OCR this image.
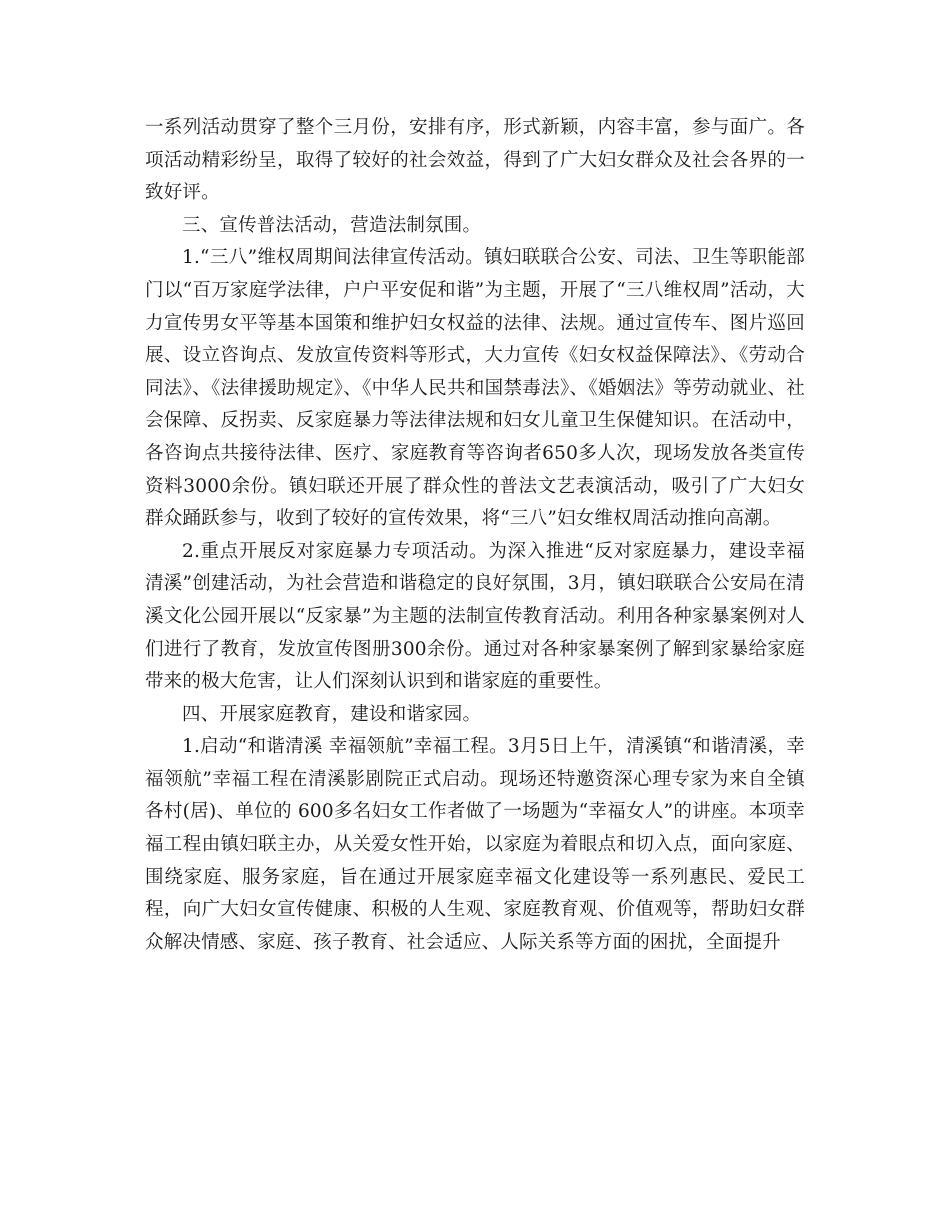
一系列活动贯穿了整个三月份，安排有序，形式新颖，内容丰富，参与面广。各项活动精彩纷呈，取得了较好的社会效益，得到了广大妇女群众及社会各界的一致好评。

三、宣传普法活动，营造法制氛围。

1.“三八”维权周期间法律宣传活动。镇妇联联合公安、司法、卫生等职能部门以“百万家庭学法律，户户平安促和谐”为主题，开展了“三八维权周”活动，大力宣传男女平等基本国策和维护妇女权益的法律、法规。通过宣传车、图片巡回展、设立咨询点、发放宣传资料等形式，大力宣传《妇女权益保障法》、《劳动合同法》、《法律援助规定》、《中华人民共和国禁毒法》、《婚姻法》等劳动就业、社会保障、反拐卖、反家庭暴力等法律法规和妇女儿童卫生保健知识。在活动中，各咨询点共接待法律、医疗、家庭教育等咨询者650多人次，现场发放各类宣传资料3000余份。镇妇联还开展了群众性的普法文艺表演活动，吸引了广大妇女群众踊跃参与，收到了较好的宣传效果，将“三八”妇女维权周活动推向高潮。

2.重点开展反对家庭暴力专项活动。为深入推进“反对家庭暴力，建设幸福清溪”创建活动，为社会营造和谐稳定的良好氛围，3月，镇妇联联合公安局在清溪文化公园开展以“反家暴”为主题的法制宣传教育活动。利用各种家暴案例对人们进行了教育，发放宣传图册300余份。通过对各种家暴案例了解到家暴给家庭带来的极大危害，让人们深刻认识到和谐家庭的重要性。

四、开展家庭教育，建设和谐家园。

1.启动“和谐清溪 幸福领航”幸福工程。3月5日上午，清溪镇“和谐清溪，幸福领航”幸福工程在清溪影剧院正式启动。现场还特邀资深心理专家为来自全镇各村(居)、单位的 600多名妇女工作者做了一场题为“幸福女人”的讲座。本项幸福工程由镇妇联主办，从关爱女性开始，以家庭为着眼点和切入点，面向家庭、围绕家庭、服务家庭，旨在通过开展家庭幸福文化建设等一系列惠民、爱民工程，向广大妇女宣传健康、积极的人生观、家庭教育观、价值观等，帮助妇女群众解决情感、家庭、孩子教育、社会适应、人际关系等方面的困扰，全面提升
